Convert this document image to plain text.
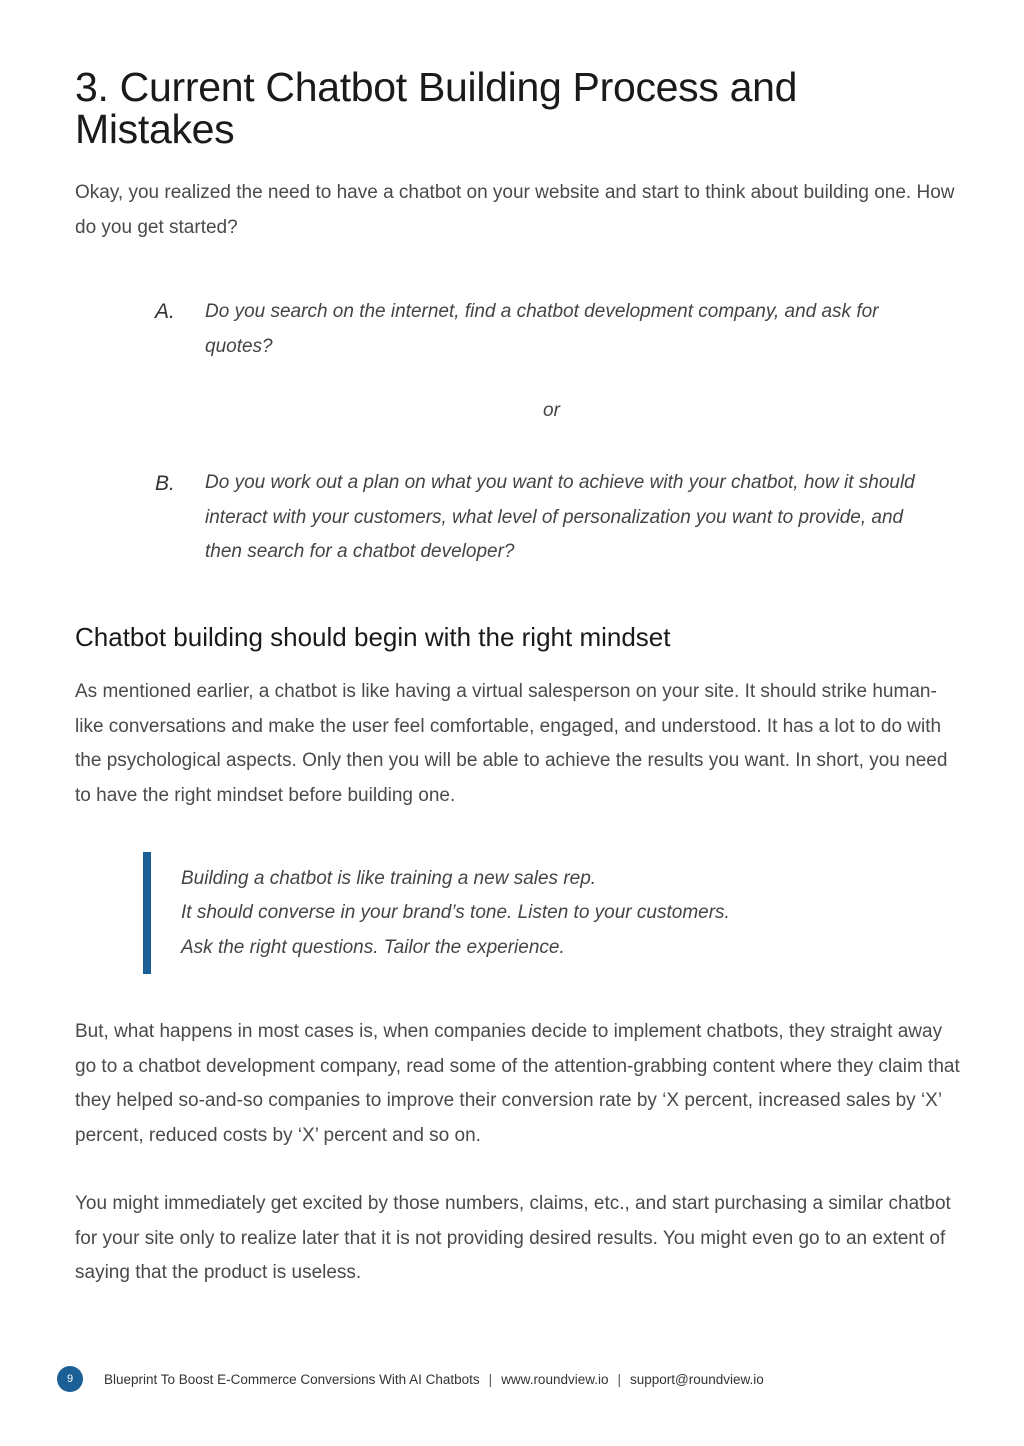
3. Current Chatbot Building Process and Mistakes

Okay, you realized the need to have a chatbot on your website and start to think about building one. How do you get started?

A. Do you search on the internet, find a chatbot development company, and ask for quotes?

or
B. Do you work out a plan on what you want to achieve with your chatbot, how it should interact with your customers, what level of personalization you want to provide, and then search for a chatbot developer?

Chatbot building should begin with the right mindset

As mentioned earlier, a chatbot is like having a virtual salesperson on your site. It should strike human-like conversations and make the user feel comfortable, engaged, and understood. It has a lot to do with the psychological aspects. Only then you will be able to achieve the results you want. In short, you need to have the right mindset before building one.

Building a chatbot is like training a new sales rep.
It should converse in your brand’s tone. Listen to your customers.
Ask the right questions. Tailor the experience.

But, what happens in most cases is, when companies decide to implement chatbots, they straight away go to a chatbot development company, read some of the attention-grabbing content where they claim that they helped so-and-so companies to improve their conversion rate by ‘X percent, increased sales by ‘X’ percent, reduced costs by ‘X’ percent and so on.

You might immediately get excited by those numbers, claims, etc., and start purchasing a similar chatbot for your site only to realize later that it is not providing desired results. You might even go to an extent of saying that the product is useless.

9	Blueprint To Boost E-Commerce Conversions With AI Chatbots | www.roundview.io | support@roundview.io
